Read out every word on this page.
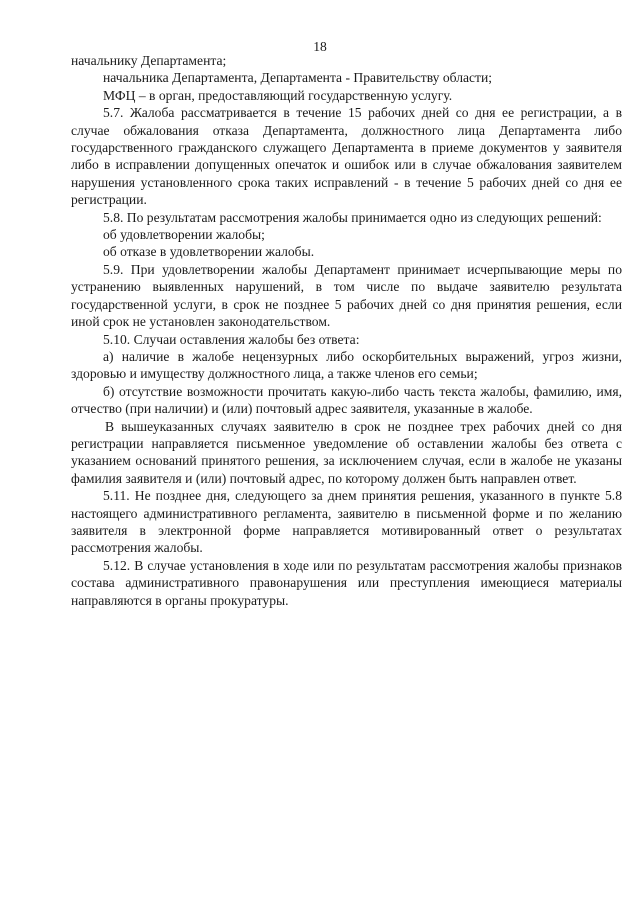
18

начальнику Департамента;

начальника Департамента, Департамента - Правительству области;

МФЦ – в орган, предоставляющий государственную услугу.

5.7. Жалоба рассматривается в течение 15 рабочих дней со дня ее регистрации, а в случае обжалования отказа Департамента, должностного лица Департамента либо государственного гражданского служащего Департамента в приеме документов у заявителя либо в исправлении допущенных опечаток и ошибок или в случае обжалования заявителем нарушения установленного срока таких исправлений - в течение 5 рабочих дней со дня ее регистрации.

5.8. По результатам рассмотрения жалобы принимается одно из следующих решений:

об удовлетворении жалобы;

об отказе в удовлетворении жалобы.

5.9. При удовлетворении жалобы Департамент принимает исчерпывающие меры по устранению выявленных нарушений, в том числе по выдаче заявителю результата государственной услуги, в срок не позднее 5 рабочих дней со дня принятия решения, если иной срок не установлен законодательством.

5.10. Случаи оставления жалобы без ответа:

а) наличие в жалобе нецензурных либо оскорбительных выражений, угроз жизни, здоровью и имуществу должностного лица, а также членов его семьи;

б) отсутствие возможности прочитать какую-либо часть текста жалобы, фамилию, имя, отчество (при наличии) и (или) почтовый адрес заявителя, указанные в жалобе.

В вышеуказанных случаях заявителю в срок не позднее трех рабочих дней со дня регистрации направляется письменное уведомление об оставлении жалобы без ответа с указанием оснований принятого решения, за исключением случая, если в жалобе не указаны фамилия заявителя и (или) почтовый адрес, по которому должен быть направлен ответ.

5.11. Не позднее дня, следующего за днем принятия решения, указанного в пункте 5.8 настоящего административного регламента, заявителю в письменной форме и по желанию заявителя в электронной форме направляется мотивированный ответ о результатах рассмотрения жалобы.

5.12. В случае установления в ходе или по результатам рассмотрения жалобы признаков состава административного правонарушения или преступления имеющиеся материалы направляются в органы прокуратуры.
